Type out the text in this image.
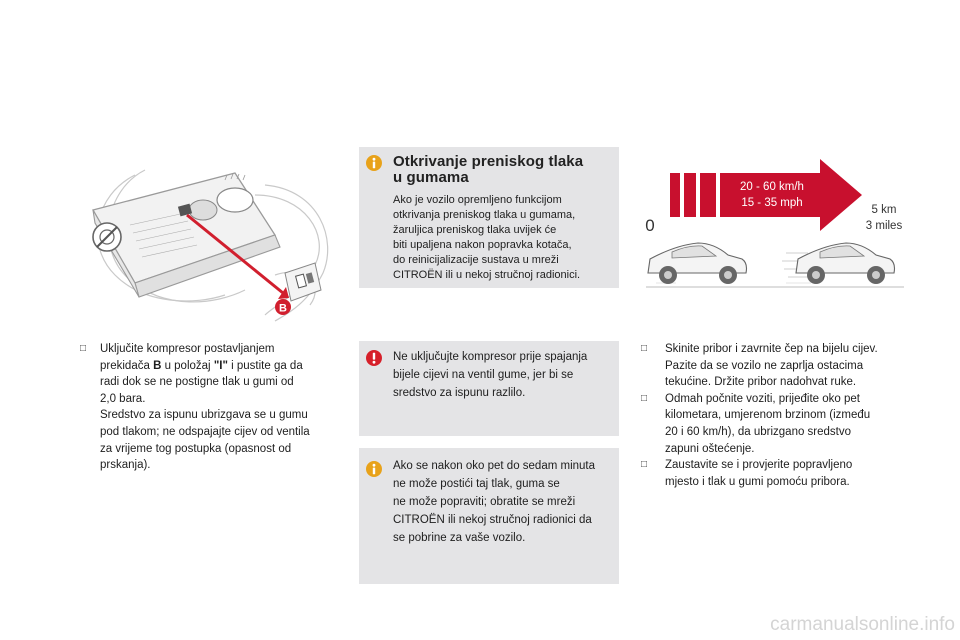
B
□ Uključite kompresor postavljanjem
prekidača B u položaj "I" i pustite ga da
radi dok se ne postigne tlak u gumi od
2,0 bara.
Sredstvo za ispunu ubrizgava se u gumu
pod tlakom; ne odspajajte cijev od ventila
za vrijeme tog postupka (opasnost od
prskanja).
Otkrivanje preniskog tlaka
u gumama
Ako je vozilo opremljeno funkcijom
otkrivanja preniskog tlaka u gumama,
žaruljica preniskog tlaka uvijek će
biti upaljena nakon popravka kotača,
do reinicijalizacije sustava u mreži
CITROËN ili u nekoj stručnoj radionici.
Ne uključujte kompresor prije spajanja
bijele cijevi na ventil gume, jer bi se
sredstvo za ispunu razlilo.
Ako se nakon oko pet do sedam minuta
ne može postići taj tlak, guma se
ne može popraviti; obratite se mreži
CITROËN ili nekoj stručnoj radionici da
se pobrine za vaše vozilo.
20 - 60 km/h
15 - 35 mph
0
5 km
3 miles
□ Skinite pribor i zavrnite čep na bijelu cijev.
Pazite da se vozilo ne zaprlja ostacima
tekućine. Držite pribor nadohvat ruke.
□ Odmah počnite voziti, prijeđite oko pet
kilometara, umjerenom brzinom (između
20 i 60 km/h), da ubrizgano sredstvo
zapuni oštećenje.
□ Zaustavite se i provjerite popravljeno
mjesto i tlak u gumi pomoću pribora.
carmanualsonline.info
